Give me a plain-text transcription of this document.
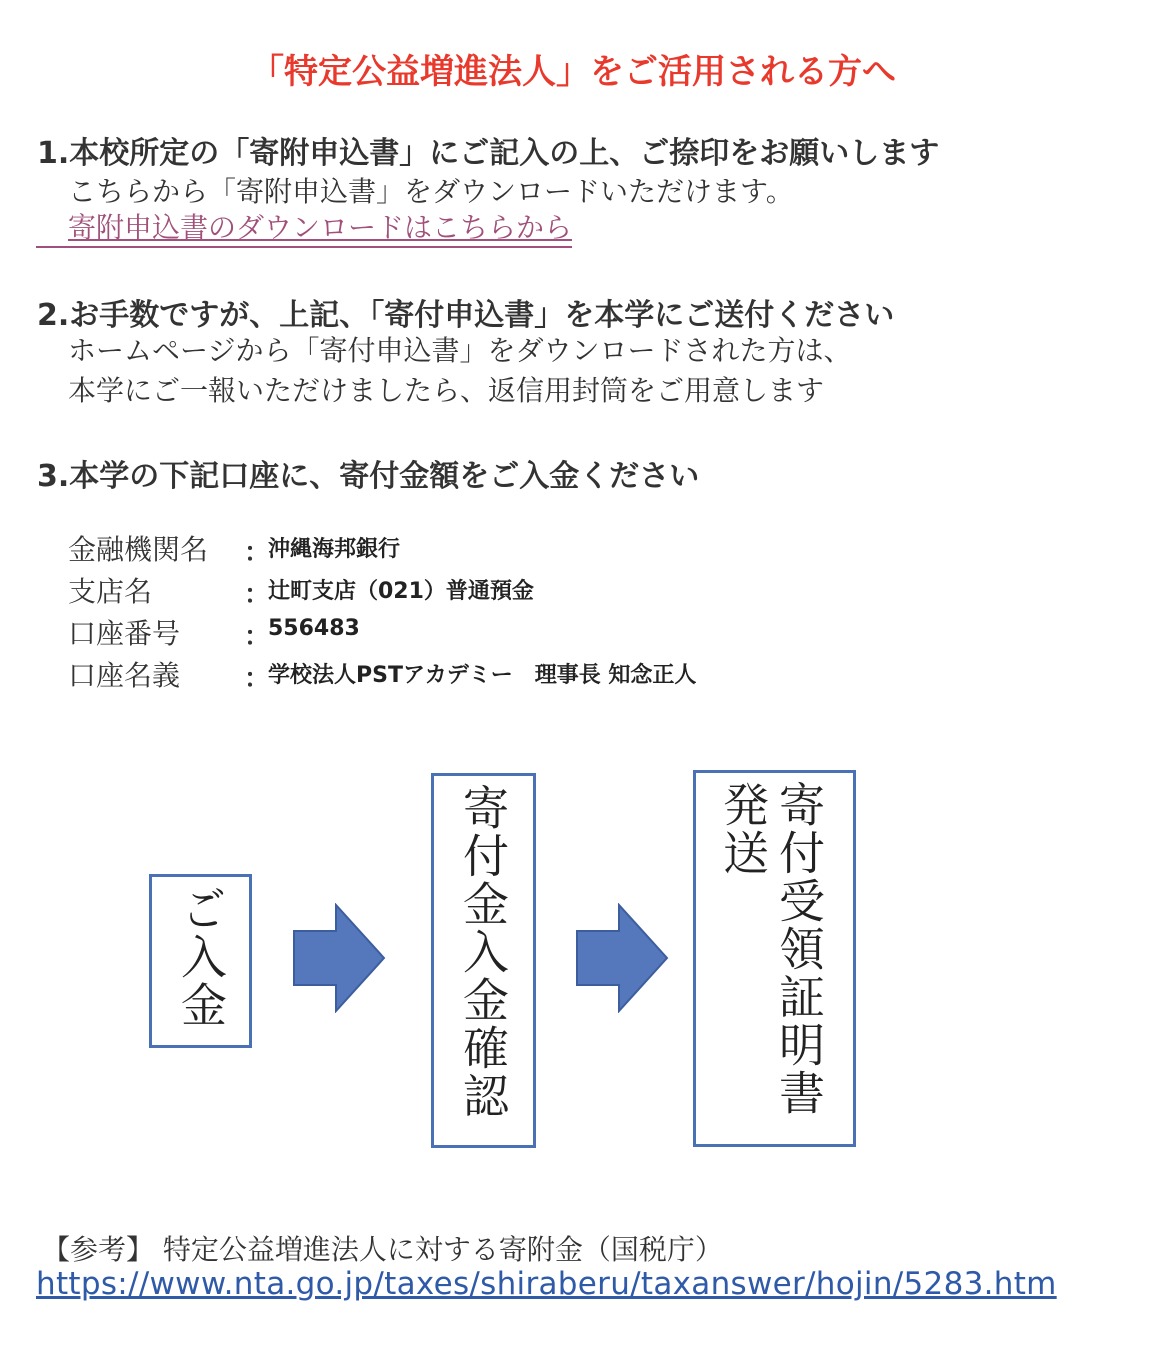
「特定公益増進法人」をご活用される方へ
1.本校所定の「寄附申込書」にご記入の上、ご捺印をお願いします
こちらから「寄附申込書」をダウンロードいただけます。
寄附申込書のダウンロードはこちらから
2.お手数ですが、上記、「寄付申込書」を本学にご送付ください
ホームページから「寄付申込書」をダウンロードされた方は、
本学にご一報いただけましたら、返信用封筒をご用意します
3.本学の下記口座に、寄付金額をご入金ください
金融機関名 ：
沖縄海邦銀行
支店名	：
辻町支店（021）普通預金
口座番号 ：
556483
口座名義 ：
学校法人PSTアカデミー　理事長 知念正人
ご入金	寄付金入金確認	寄付受領証明書
発送
【参考】 特定公益増進法人に対する寄附金（国税庁）
https://www.nta.go.jp/taxes/shiraberu/taxanswer/hojin/5283.htm
